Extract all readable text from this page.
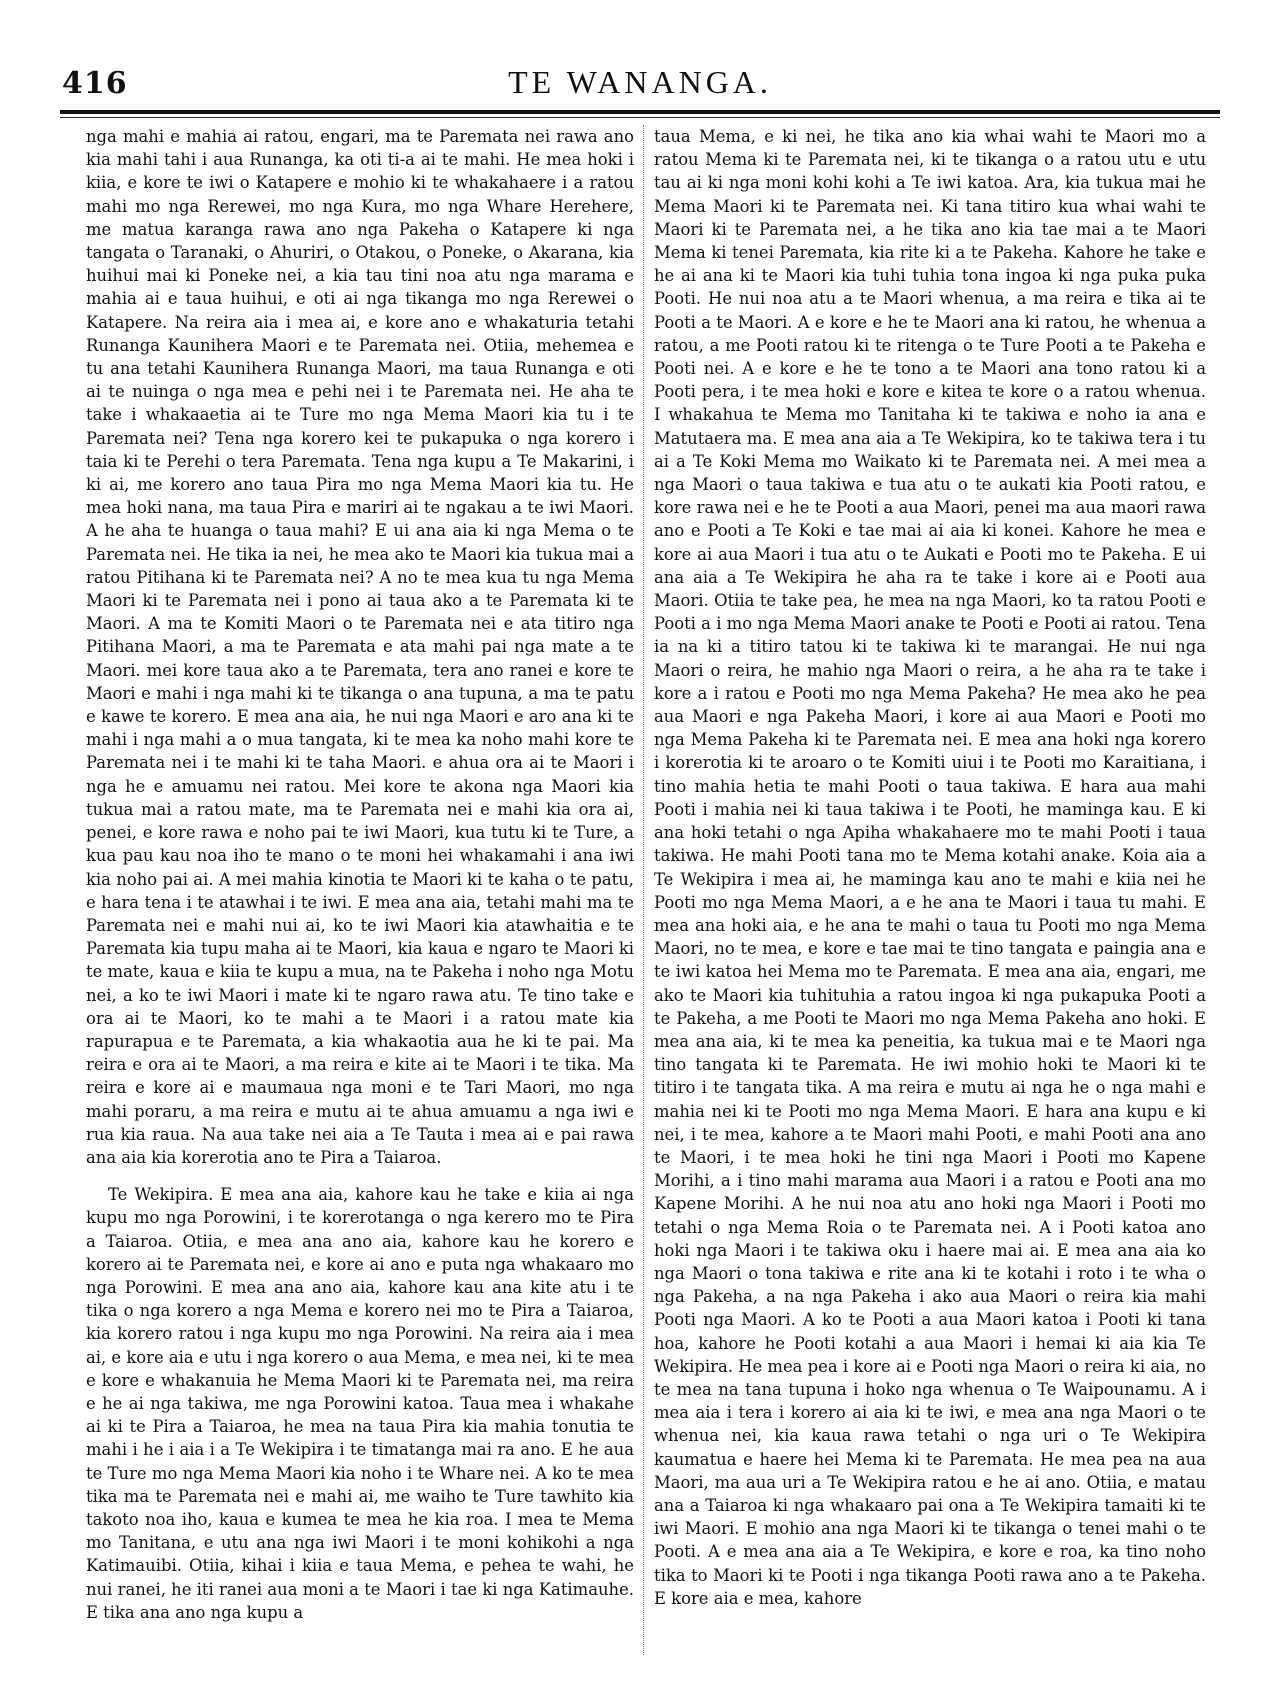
416	TE WANANGA.

nga mahi e mahia ai ratou, engari, ma te Paremata nei rawa ano kia mahi tahi i aua Runanga, ka oti ti-a ai te mahi. He mea hoki i kiia, e kore te iwi o Katapere e mohio ki te whakahaere i a ratou mahi mo nga Rerewei, mo nga Kura, mo nga Whare Herehere, me matua karanga rawa ano nga Pakeha o Katapere ki nga tangata o Taranaki, o Ahuriri, o Otakou, o Poneke, o Akarana, kia huihui mai ki Poneke nei, a kia tau tini noa atu nga marama e mahia ai e taua huihui, e oti ai nga tikanga mo nga Rerewei o Katapere. Na reira aia i mea ai, e kore ano e whakaturia tetahi Runanga Kaunihera Maori e te Paremata nei. Otiia, mehemea e tu ana tetahi Kaunihera Runanga Maori, ma taua Runanga e oti ai te nuinga o nga mea e pehi nei i te Paremata nei. He aha te take i whakaaetia ai te Ture mo nga Mema Maori kia tu i te Paremata nei? Tena nga korero kei te pukapuka o nga korero i taia ki te Perehi o tera Paremata. Tena nga kupu a Te Makarini, i ki ai, me korero ano taua Pira mo nga Mema Maori kia tu. He mea hoki nana, ma taua Pira e mariri ai te ngakau a te iwi Maori. A he aha te huanga o taua mahi? E ui ana aia ki nga Mema o te Paremata nei. He tika ia nei, he mea ako te Maori kia tukua mai a ratou Pitihana ki te Paremata nei? A no te mea kua tu nga Mema Maori ki te Paremata nei i pono ai taua ako a te Paremata ki te Maori. A ma te Komiti Maori o te Paremata nei e ata titiro nga Pitihana Maori, a ma te Paremata e ata mahi pai nga mate a te Maori. mei kore taua ako a te Paremata, tera ano ranei e kore te Maori e mahi i nga mahi ki te tikanga o ana tupuna, a ma te patu e kawe te korero. E mea ana aia, he nui nga Maori e aro ana ki te mahi i nga mahi a o mua tangata, ki te mea ka noho mahi kore te Paremata nei i te mahi ki te taha Maori. e ahua ora ai te Maori i nga he e amuamu nei ratou. Mei kore te akona nga Maori kia tukua mai a ratou mate, ma te Paremata nei e mahi kia ora ai, penei, e kore rawa e noho pai te iwi Maori, kua tutu ki te Ture, a kua pau kau noa iho te mano o te moni hei whakamahi i ana iwi kia noho pai ai. A mei mahia kinotia te Maori ki te kaha o te patu, e hara tena i te atawhai i te iwi. E mea ana aia, tetahi mahi ma te Paremata nei e mahi nui ai, ko te iwi Maori kia atawhaitia e te Paremata kia tupu maha ai te Maori, kia kaua e ngaro te Maori ki te mate, kaua e kiia te kupu a mua, na te Pakeha i noho nga Motu nei, a ko te iwi Maori i mate ki te ngaro rawa atu. Te tino take e ora ai te Maori, ko te mahi a te Maori i a ratou mate kia rapurapua e te Paremata, a kia whakaotia aua he ki te pai. Ma reira e ora ai te Maori, a ma reira e kite ai te Maori i te tika. Ma reira e kore ai e maumaua nga moni e te Tari Maori, mo nga mahi poraru, a ma reira e mutu ai te ahua amuamu a nga iwi e rua kia raua. Na aua take nei aia a Te Tauta i mea ai e pai rawa ana aia kia korerotia ano te Pira a Taiaroa.

Te Wekipira. E mea ana aia, kahore kau he take e kiia ai nga kupu mo nga Porowini, i te korerotanga o nga kerero mo te Pira a Taiaroa. Otiia, e mea ana ano aia, kahore kau he korero e korero ai te Paremata nei, e kore ai ano e puta nga whakaaro mo nga Porowini. E mea ana ano aia, kahore kau ana kite atu i te tika o nga korero a nga Mema e korero nei mo te Pira a Taiaroa, kia korero ratou i nga kupu mo nga Porowini. Na reira aia i mea ai, e kore aia e utu i nga korero o aua Mema, e mea nei, ki te mea e kore e whakanuia he Mema Maori ki te Paremata nei, ma reira e he ai nga takiwa, me nga Porowini katoa. Taua mea i whakahe ai ki te Pira a Taiaroa, he mea na taua Pira kia mahia tonutia te mahi i he i aia i a Te Wekipira i te timatanga mai ra ano. E he aua te Ture mo nga Mema Maori kia noho i te Whare nei. A ko te mea tika ma te Paremata nei e mahi ai, me waiho te Ture tawhito kia takoto noa iho, kaua e kumea te mea he kia roa. I mea te Mema mo Tanitana, e utu ana nga iwi Maori i te moni kohikohi a nga Katimauibi. Otiia, kihai i kiia e taua Mema, e pehea te wahi, he nui ranei, he iti ranei aua moni a te Maori i tae ki nga Katimauhe. E tika ana ano nga kupu a

taua Mema, e ki nei, he tika ano kia whai wahi te Maori mo a ratou Mema ki te Paremata nei, ki te tikanga o a ratou utu e utu tau ai ki nga moni kohi kohi a Te iwi katoa. Ara, kia tukua mai he Mema Maori ki te Paremata nei. Ki tana titiro kua whai wahi te Maori ki te Paremata nei, a he tika ano kia tae mai a te Maori Mema ki tenei Paremata, kia rite ki a te Pakeha. Kahore he take e he ai ana ki te Maori kia tuhi tuhia tona ingoa ki nga puka puka Pooti. He nui noa atu a te Maori whenua, a ma reira e tika ai te Pooti a te Maori. A e kore e he te Maori ana ki ratou, he whenua a ratou, a me Pooti ratou ki te ritenga o te Ture Pooti a te Pakeha e Pooti nei. A e kore e he te tono a te Maori ana tono ratou ki a Pooti pera, i te mea hoki e kore e kitea te kore o a ratou whenua. I whakahua te Mema mo Tanitaha ki te takiwa e noho ia ana e Matutaera ma. E mea ana aia a Te Wekipira, ko te takiwa tera i tu ai a Te Koki Mema mo Waikato ki te Paremata nei. A mei mea a nga Maori o taua takiwa e tua atu o te aukati kia Pooti ratou, e kore rawa nei e he te Pooti a aua Maori, penei ma aua maori rawa ano e Pooti a Te Koki e tae mai ai aia ki konei. Kahore he mea e kore ai aua Maori i tua atu o te Aukati e Pooti mo te Pakeha. E ui ana aia a Te Wekipira he aha ra te take i kore ai e Pooti aua Maori. Otiia te take pea, he mea na nga Maori, ko ta ratou Pooti e Pooti a i mo nga Mema Maori anake te Pooti e Pooti ai ratou. Tena ia na ki a titiro tatou ki te takiwa ki te marangai. He nui nga Maori o reira, he mahio nga Maori o reira, a he aha ra te take i kore a i ratou e Pooti mo nga Mema Pakeha? He mea ako he pea aua Maori e nga Pakeha Maori, i kore ai aua Maori e Pooti mo nga Mema Pakeha ki te Paremata nei. E mea ana hoki nga korero i korerotia ki te aroaro o te Komiti uiui i te Pooti mo Karaitiana, i tino mahia hetia te mahi Pooti o taua takiwa. E hara aua mahi Pooti i mahia nei ki taua takiwa i te Pooti, he maminga kau. E ki ana hoki tetahi o nga Apiha whakahaere mo te mahi Pooti i taua takiwa. He mahi Pooti tana mo te Mema kotahi anake. Koia aia a Te Wekipira i mea ai, he maminga kau ano te mahi e kiia nei he Pooti mo nga Mema Maori, a e he ana te Maori i taua tu mahi. E mea ana hoki aia, e he ana te mahi o taua tu Pooti mo nga Mema Maori, no te mea, e kore e tae mai te tino tangata e paingia ana e te iwi katoa hei Mema mo te Paremata. E mea ana aia, engari, me ako te Maori kia tuhituhia a ratou ingoa ki nga pukapuka Pooti a te Pakeha, a me Pooti te Maori mo nga Mema Pakeha ano hoki. E mea ana aia, ki te mea ka peneitia, ka tukua mai e te Maori nga tino tangata ki te Paremata. He iwi mohio hoki te Maori ki te titiro i te tangata tika. A ma reira e mutu ai nga he o nga mahi e mahia nei ki te Pooti mo nga Mema Maori. E hara ana kupu e ki nei, i te mea, kahore a te Maori mahi Pooti, e mahi Pooti ana ano te Maori, i te mea hoki he tini nga Maori i Pooti mo Kapene Morihi, a i tino mahi marama aua Maori i a ratou e Pooti ana mo Kapene Morihi. A he nui noa atu ano hoki nga Maori i Pooti mo tetahi o nga Mema Roia o te Paremata nei. A i Pooti katoa ano hoki nga Maori i te takiwa oku i haere mai ai. E mea ana aia ko nga Maori o tona takiwa e rite ana ki te kotahi i roto i te wha o nga Pakeha, a na nga Pakeha i ako aua Maori o reira kia mahi Pooti nga Maori. A ko te Pooti a aua Maori katoa i Pooti ki tana hoa, kahore he Pooti kotahi a aua Maori i hemai ki aia kia Te Wekipira. He mea pea i kore ai e Pooti nga Maori o reira ki aia, no te mea na tana tupuna i hoko nga whenua o Te Waipounamu. A i mea aia i tera i korero ai aia ki te iwi, e mea ana nga Maori o te whenua nei, kia kaua rawa tetahi o nga uri o Te Wekipira kaumatua e haere hei Mema ki te Paremata. He mea pea na aua Maori, ma aua uri a Te Wekipira ratou e he ai ano. Otiia, e matau ana a Taiaroa ki nga whakaaro pai ona a Te Wekipira tamaiti ki te iwi Maori. E mohio ana nga Maori ki te tikanga o tenei mahi o te Pooti. A e mea ana aia a Te Wekipira, e kore e roa, ka tino noho tika to Maori ki te Pooti i nga tikanga Pooti rawa ano a te Pakeha. E kore aia e mea, kahore
